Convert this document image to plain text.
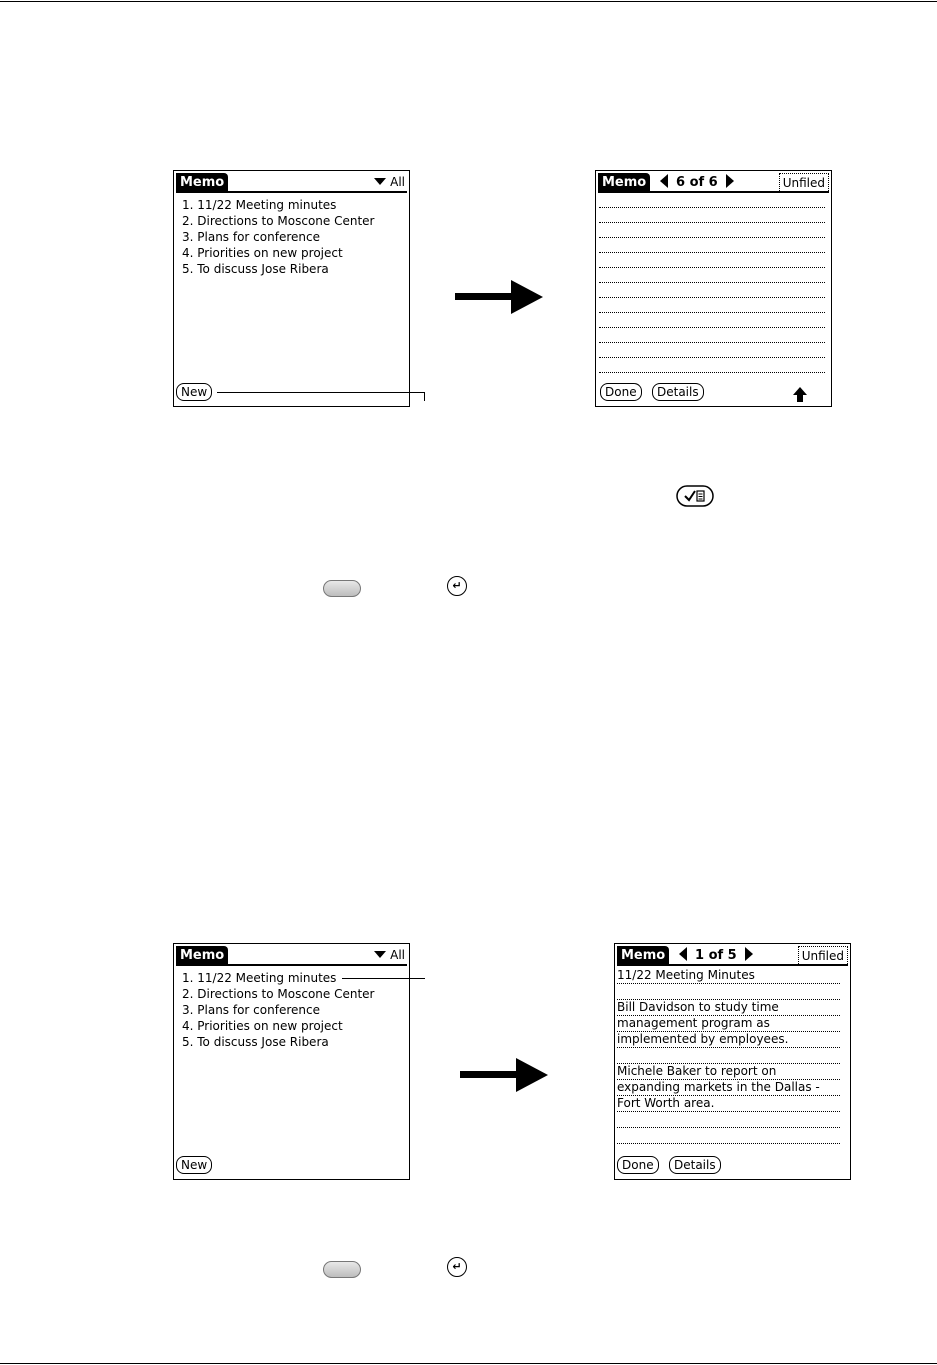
Memo	All
1. 11/22 Meeting minutes
2. Directions to Moscone Center
3. Plans for conference
4. Priorities on new project
5. To discuss Jose Ribera
New
Memo	6 of 6	Unfiled
Done	Details
↵
Memo	All
1. 11/22 Meeting minutes
2. Directions to Moscone Center
3. Plans for conference
4. Priorities on new project
5. To discuss Jose Ribera
New
Memo	1 of 5	Unfiled
11/22 Meeting Minutes
Bill Davidson to study time
management program as
implemented by employees.
Michele Baker to report on
expanding markets in the Dallas -
Fort Worth area.
Done	Details
↵
